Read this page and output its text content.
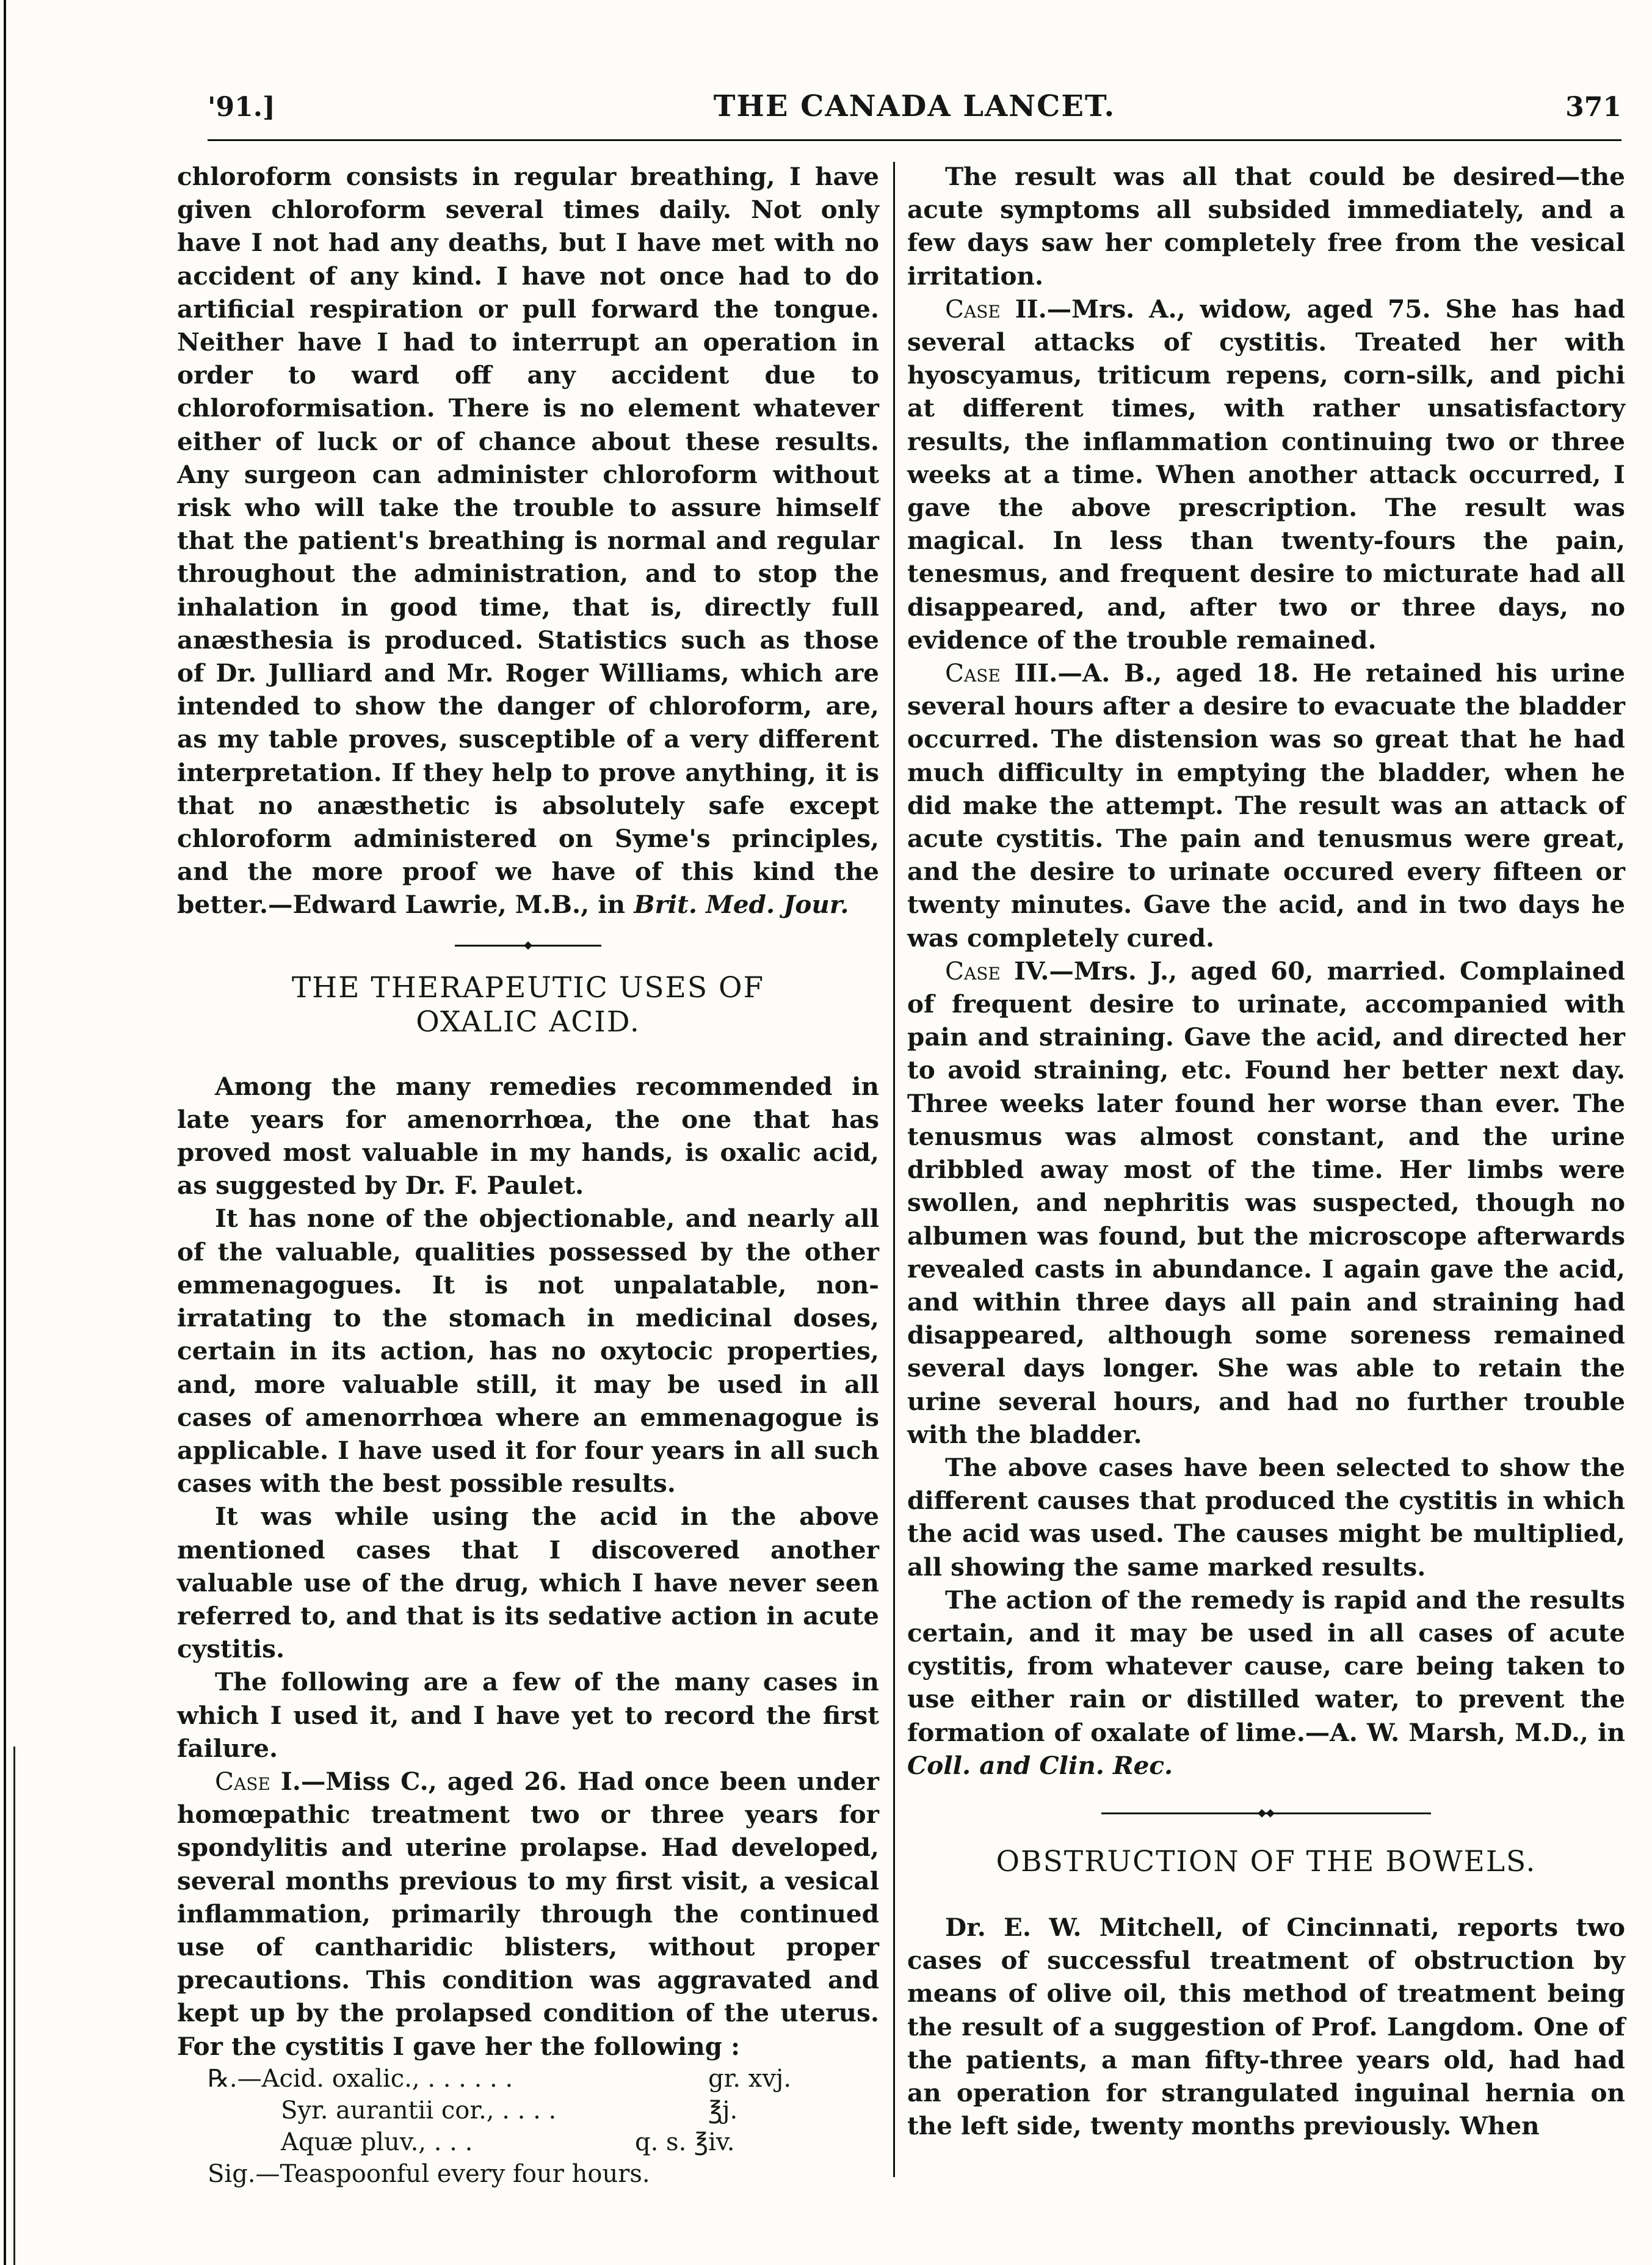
'91.]	THE CANADA LANCET.	371

chloroform consists in regular breathing, I have given chloroform several times daily. Not only have I not had any deaths, but I have met with no accident of any kind. I have not once had to do artificial respiration or pull forward the tongue. Neither have I had to interrupt an operation in order to ward off any accident due to chloroformisation. There is no element whatever either of luck or of chance about these results. Any surgeon can administer chloroform without risk who will take the trouble to assure himself that the patient's breathing is normal and regular throughout the administration, and to stop the inhalation in good time, that is, directly full anæsthesia is produced. Statistics such as those of Dr. Julliard and Mr. Roger Williams, which are intended to show the danger of chloroform, are, as my table proves, susceptible of a very different interpretation. If they help to prove anything, it is that no anæsthetic is absolutely safe except chloroform administered on Syme's principles, and the more proof we have of this kind the better.—Edward Lawrie, M.B., in Brit. Med. Jour.

◆

THE THERAPEUTIC USES OF

OXALIC ACID.

Among the many remedies recommended in late years for amenorrhœa, the one that has proved most valuable in my hands, is oxalic acid, as suggested by Dr. F. Paulet.

It has none of the objectionable, and nearly all of the valuable, qualities possessed by the other emmenagogues. It is not unpalatable, non-irratating to the stomach in medicinal doses, certain in its action, has no oxytocic properties, and, more valuable still, it may be used in all cases of amenorrhœa where an emmenagogue is applicable. I have used it for four years in all such cases with the best possible results.

It was while using the acid in the above mentioned cases that I discovered another valuable use of the drug, which I have never seen referred to, and that is its sedative action in acute cystitis.

The following are a few of the many cases in which I used it, and I have yet to record the first failure.

Case I.—Miss C., aged 26. Had once been under homœpathic treatment two or three years for spondylitis and uterine prolapse. Had developed, several months previous to my first visit, a vesical inflammation, primarily through the continued use of cantharidic blisters, without proper precautions. This condition was aggravated and kept up by the prolapsed condition of the uterus. For the cystitis I gave her the following :

℞.—Acid. oxalic., . . . . . .	gr. xvj.
Syr. aurantii cor., . . . .	℥j.
Aquæ pluv., . . .	q. s. ℥iv.
Sig.—Teaspoonful every four hours.

The result was all that could be desired—the acute symptoms all subsided immediately, and a few days saw her completely free from the vesical irritation.

Case II.—Mrs. A., widow, aged 75. She has had several attacks of cystitis. Treated her with hyoscyamus, triticum repens, corn-silk, and pichi at different times, with rather unsatisfactory results, the inflammation continuing two or three weeks at a time. When another attack occurred, I gave the above prescription. The result was magical. In less than twenty-fours the pain, tenesmus, and frequent desire to micturate had all disappeared, and, after two or three days, no evidence of the trouble remained.

Case III.—A. B., aged 18. He retained his urine several hours after a desire to evacuate the bladder occurred. The distension was so great that he had much difficulty in emptying the bladder, when he did make the attempt. The result was an attack of acute cystitis. The pain and tenusmus were great, and the desire to urinate occured every fifteen or twenty minutes. Gave the acid, and in two days he was completely cured.

Case IV.—Mrs. J., aged 60, married. Complained of frequent desire to urinate, accompanied with pain and straining. Gave the acid, and directed her to avoid straining, etc. Found her better next day. Three weeks later found her worse than ever. The tenusmus was almost constant, and the urine dribbled away most of the time. Her limbs were swollen, and nephritis was suspected, though no albumen was found, but the microscope afterwards revealed casts in abundance. I again gave the acid, and within three days all pain and straining had disappeared, although some soreness remained several days longer. She was able to retain the urine several hours, and had no further trouble with the bladder.

The above cases have been selected to show the different causes that produced the cystitis in which the acid was used. The causes might be multiplied, all showing the same marked results.

The action of the remedy is rapid and the results certain, and it may be used in all cases of acute cystitis, from whatever cause, care being taken to use either rain or distilled water, to prevent the formation of oxalate of lime.—A. W. Marsh, M.D., in Coll. and Clin. Rec.

◆◆

OBSTRUCTION OF THE BOWELS.

Dr. E. W. Mitchell, of Cincinnati, reports two cases of successful treatment of obstruction by means of olive oil, this method of treatment being the result of a suggestion of Prof. Langdom. One of the patients, a man fifty-three years old, had had an operation for strangulated inguinal hernia on the left side, twenty months previously. When
